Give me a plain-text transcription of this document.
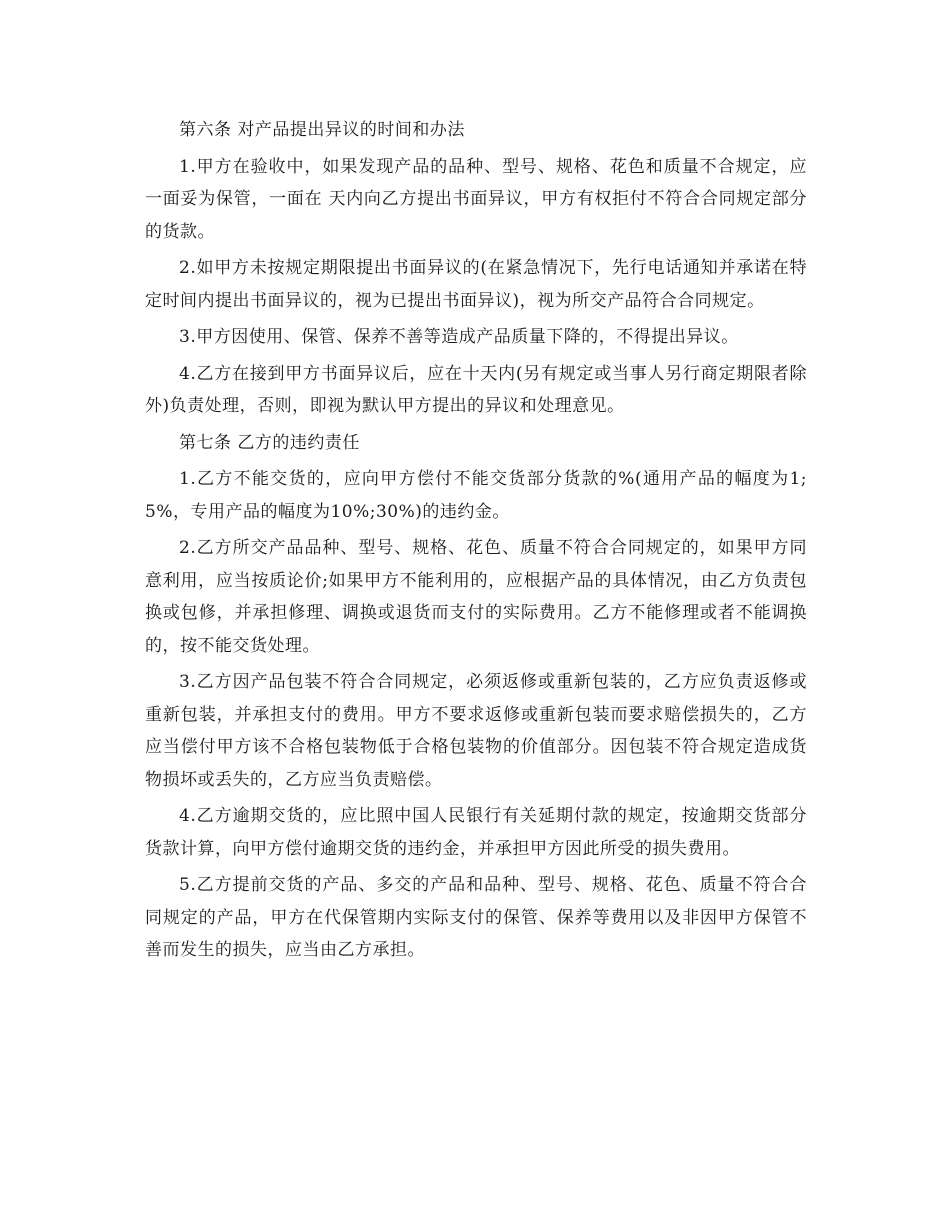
第六条 对产品提出异议的时间和办法

1.甲方在验收中，如果发现产品的品种、型号、规格、花色和质量不合规定，应一面妥为保管，一面在 天内向乙方提出书面异议，甲方有权拒付不符合合同规定部分的货款。

2.如甲方未按规定期限提出书面异议的(在紧急情况下，先行电话通知并承诺在特定时间内提出书面异议的，视为已提出书面异议)，视为所交产品符合合同规定。

3.甲方因使用、保管、保养不善等造成产品质量下降的，不得提出异议。

4.乙方在接到甲方书面异议后，应在十天内(另有规定或当事人另行商定期限者除外)负责处理，否则，即视为默认甲方提出的异议和处理意见。

第七条 乙方的违约责任

1.乙方不能交货的，应向甲方偿付不能交货部分货款的%(通用产品的幅度为1;5%，专用产品的幅度为10%;30%)的违约金。

2.乙方所交产品品种、型号、规格、花色、质量不符合合同规定的，如果甲方同意利用，应当按质论价;如果甲方不能利用的，应根据产品的具体情况，由乙方负责包换或包修，并承担修理、调换或退货而支付的实际费用。乙方不能修理或者不能调换的，按不能交货处理。

3.乙方因产品包装不符合合同规定，必须返修或重新包装的，乙方应负责返修或重新包装，并承担支付的费用。甲方不要求返修或重新包装而要求赔偿损失的，乙方应当偿付甲方该不合格包装物低于合格包装物的价值部分。因包装不符合规定造成货物损坏或丢失的，乙方应当负责赔偿。

4.乙方逾期交货的，应比照中国人民银行有关延期付款的规定，按逾期交货部分货款计算，向甲方偿付逾期交货的违约金，并承担甲方因此所受的损失费用。

5.乙方提前交货的产品、多交的产品和品种、型号、规格、花色、质量不符合合同规定的产品，甲方在代保管期内实际支付的保管、保养等费用以及非因甲方保管不善而发生的损失，应当由乙方承担。
